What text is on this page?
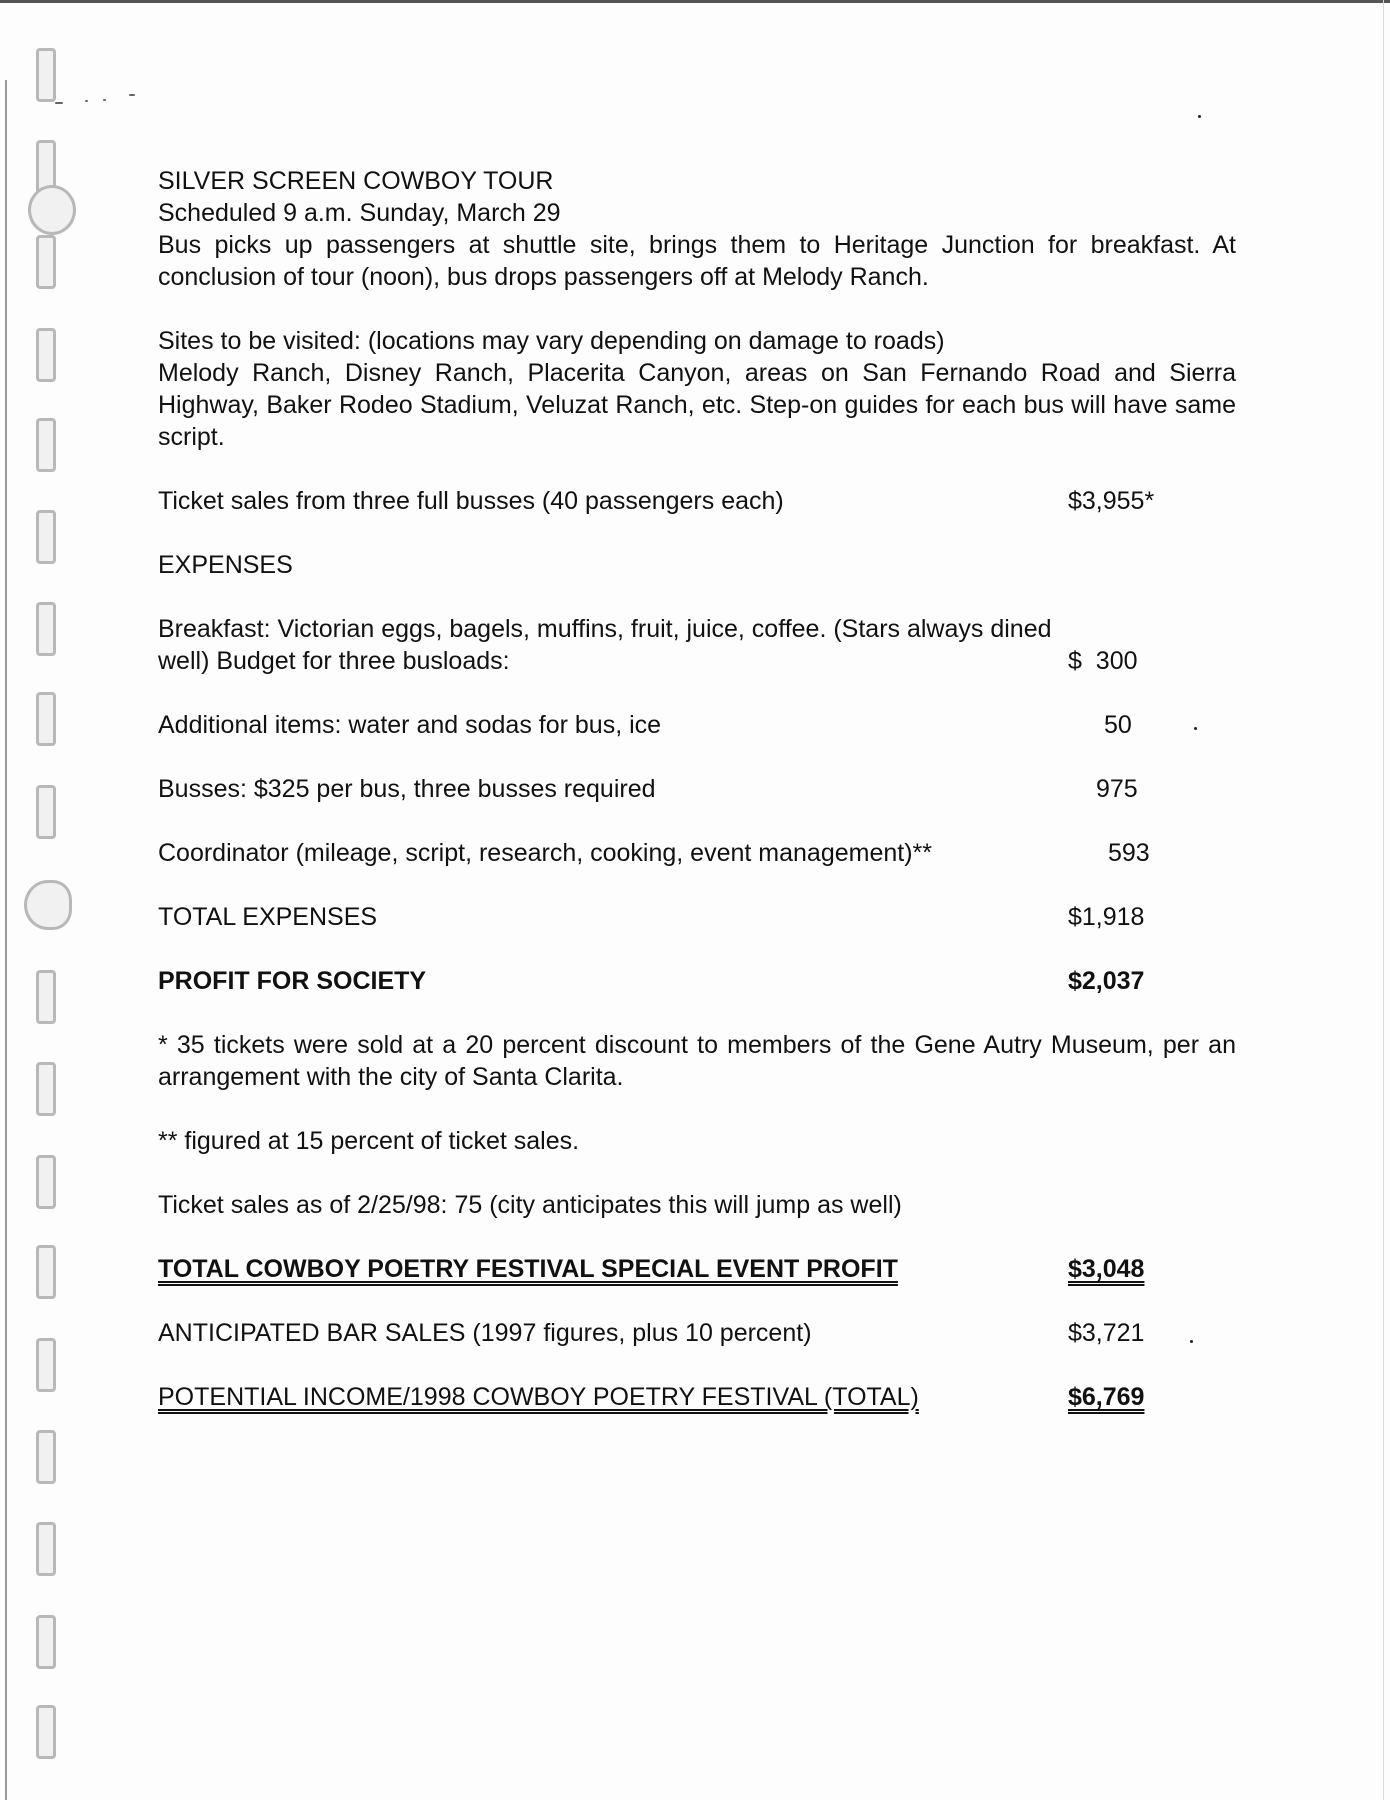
SILVER SCREEN COWBOY TOUR

Scheduled 9 a.m. Sunday, March 29

Bus picks up passengers at shuttle site, brings them to Heritage Junction for breakfast. At conclusion of tour (noon), bus drops passengers off at Melody Ranch.

Sites to be visited: (locations may vary depending on damage to roads)

Melody Ranch, Disney Ranch, Placerita Canyon, areas on San Fernando Road and Sierra Highway, Baker Rodeo Stadium, Veluzat Ranch, etc. Step-on guides for each bus will have same script.

Ticket sales from three full busses (40 passengers each)	$3,955*

EXPENSES

Breakfast: Victorian eggs, bagels, muffins, fruit, juice, coffee. (Stars always dined

well) Budget for three busloads:	$  300
Additional items: water and sodas for bus, ice	50
Busses: $325 per bus, three busses required	975
Coordinator (mileage, script, research, cooking, event management)**	593
TOTAL EXPENSES	$1,918
PROFIT FOR SOCIETY	$2,037

* 35 tickets were sold at a 20 percent discount to members of the Gene Autry Museum, per an arrangement with the city of Santa Clarita.

** figured at 15 percent of ticket sales.

Ticket sales as of 2/25/98: 75 (city anticipates this will jump as well)

TOTAL COWBOY POETRY FESTIVAL SPECIAL EVENT PROFIT	$3,048
ANTICIPATED BAR SALES (1997 figures, plus 10 percent)	$3,721
POTENTIAL INCOME/1998 COWBOY POETRY FESTIVAL (TOTAL)	$6,769
